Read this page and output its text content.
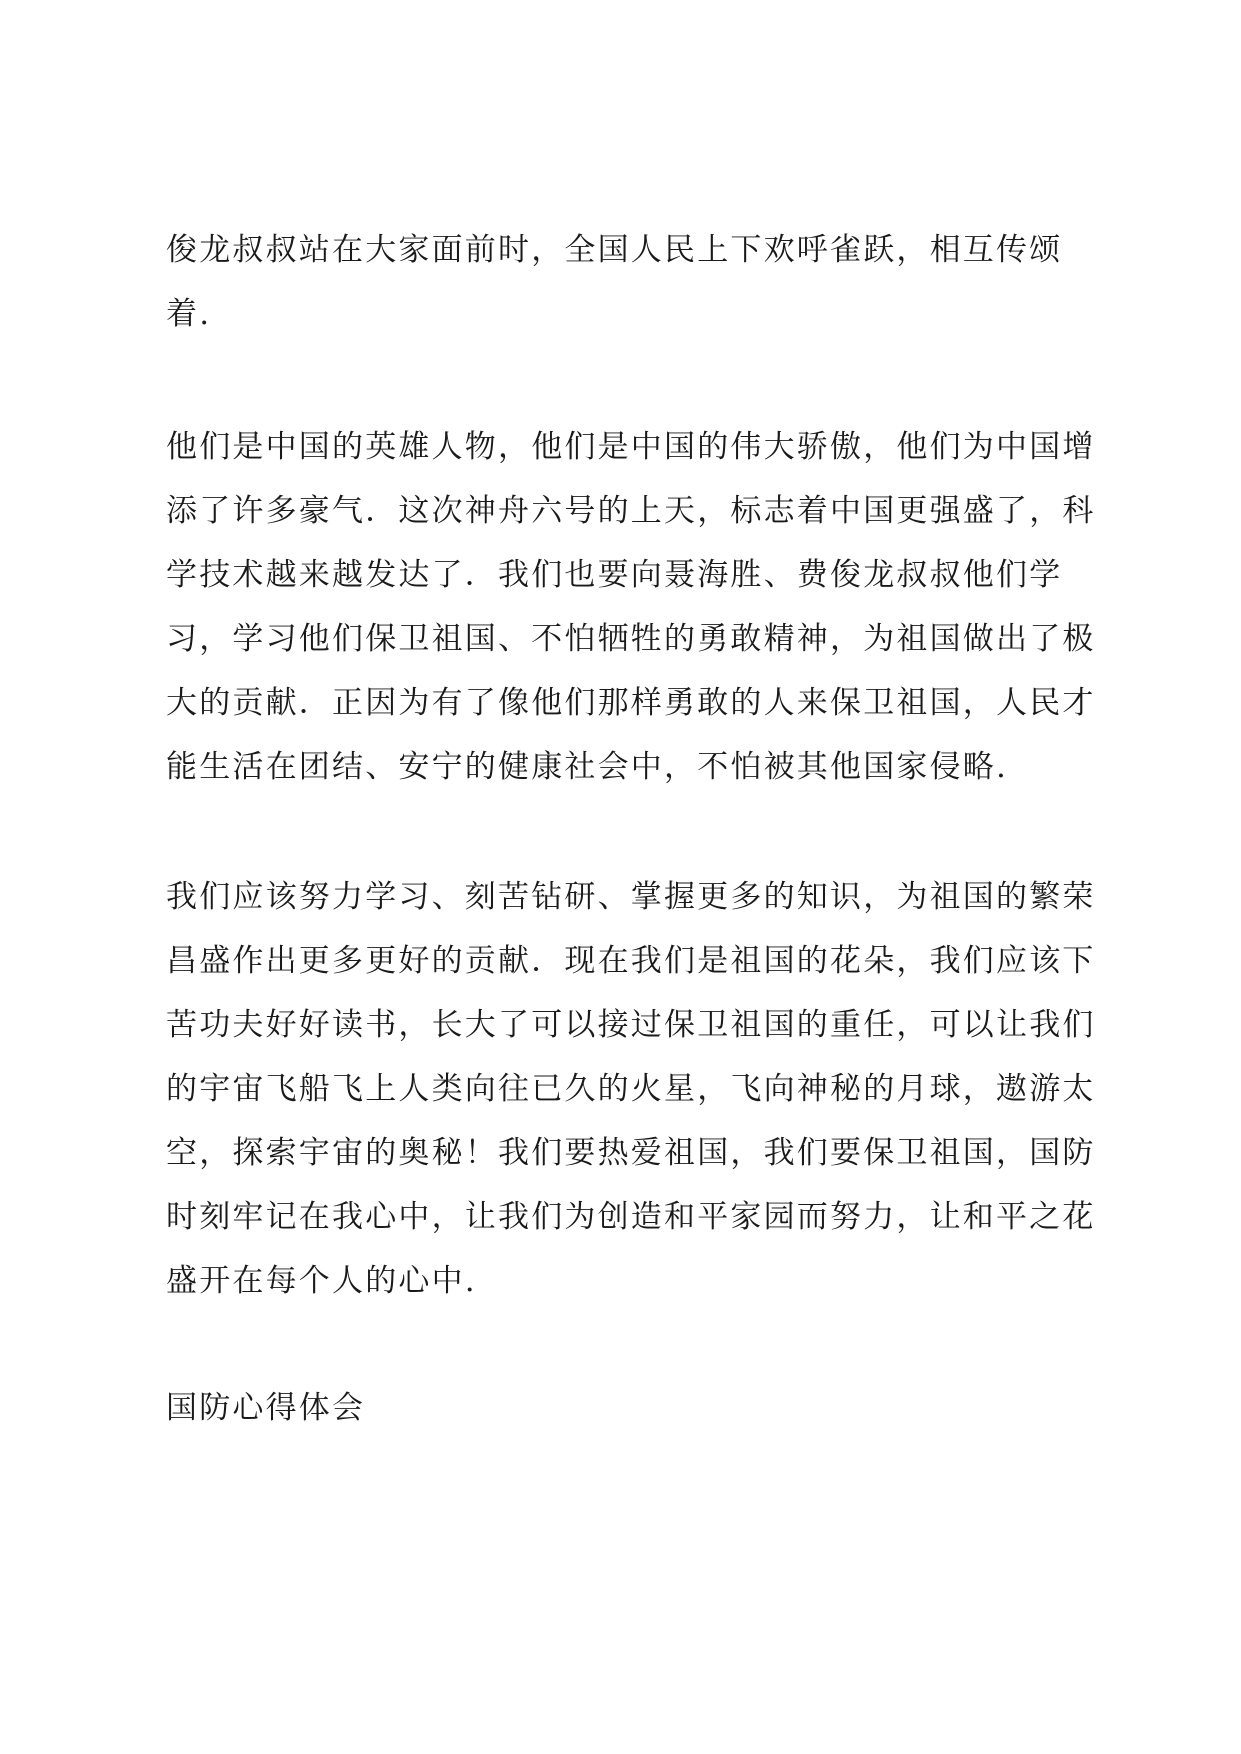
俊龙叔叔站在大家面前时，全国人民上下欢呼雀跃，相互传颂
着.

他们是中国的英雄人物，他们是中国的伟大骄傲，他们为中国增
添了许多豪气．这次神舟六号的上天，标志着中国更强盛了，科
学技术越来越发达了．我们也要向聂海胜、费俊龙叔叔他们学
习，学习他们保卫祖国、不怕牺牲的勇敢精神，为祖国做出了极
大的贡献．正因为有了像他们那样勇敢的人来保卫祖国，人民才
能生活在团结、安宁的健康社会中，不怕被其他国家侵略.

我们应该努力学习、刻苦钻研、掌握更多的知识，为祖国的繁荣
昌盛作出更多更好的贡献．现在我们是祖国的花朵，我们应该下
苦功夫好好读书，长大了可以接过保卫祖国的重任，可以让我们
的宇宙飞船飞上人类向往已久的火星，飞向神秘的月球，遨游太
空，探索宇宙的奥秘！我们要热爱祖国，我们要保卫祖国，国防
时刻牢记在我心中，让我们为创造和平家园而努力，让和平之花
盛开在每个人的心中.

国防心得体会
